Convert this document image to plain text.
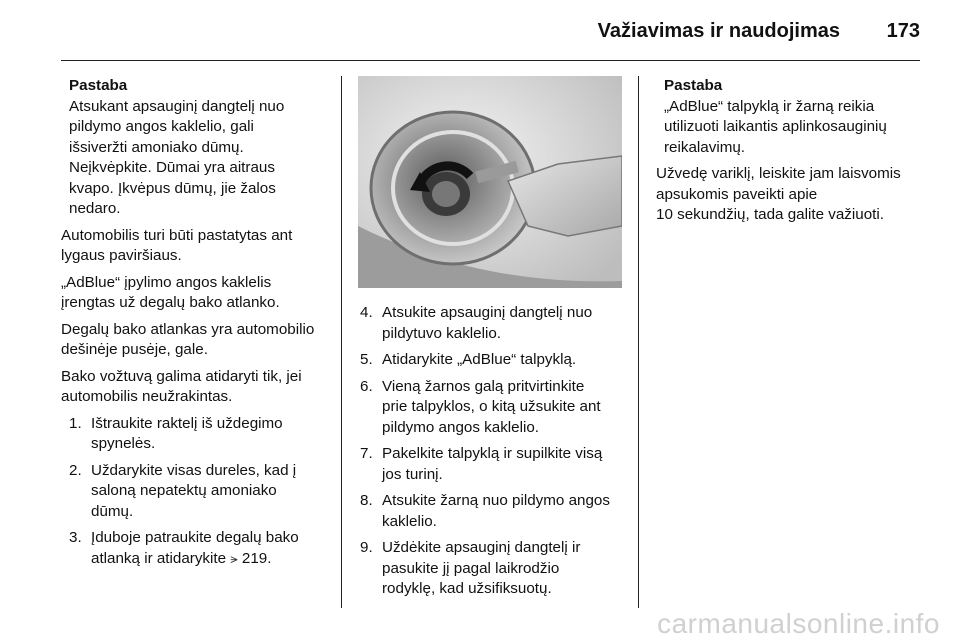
Važiavimas ir naudojimas	173
Pastaba
Atsukant apsauginį dangtelį nuo
pildymo angos kaklelio, gali
išsiveržti amoniako dūmų.
Neįkvėpkite. Dūmai yra aitraus
kvapo. Įkvėpus dūmų, jie žalos
nedaro.
Automobilis turi būti pastatytas ant
lygaus paviršiaus.
„AdBlue“ įpylimo angos kaklelis
įrengtas už degalų bako atlanko.
Degalų bako atlankas yra automobilio
dešinėje pusėje, gale.
Bako vožtuvą galima atidaryti tik, jei
automobilis neužrakintas.
1. Ištraukite raktelį iš uždegimo
spynelės.
2. Uždarykite visas dureles, kad į
saloną nepatektų amoniako
dūmų.
3. Įduboje patraukite degalų bako
atlanką ir atidarykite ⪫ 219.
4. Atsukite apsauginį dangtelį nuo
pildytuvo kaklelio.
5. Atidarykite „AdBlue“ talpyklą.
6. Vieną žarnos galą pritvirtinkite
prie talpyklos, o kitą užsukite ant
pildymo angos kaklelio.
7. Pakelkite talpyklą ir supilkite visą
jos turinį.
8. Atsukite žarną nuo pildymo angos
kaklelio.
9. Uždėkite apsauginį dangtelį ir
pasukite jį pagal laikrodžio
rodyklę, kad užsifiksuotų.
Pastaba
„AdBlue“ talpyklą ir žarną reikia
utilizuoti laikantis aplinkosauginių
reikalavimų.
Užvedę variklį, leiskite jam laisvomis
apsukomis paveikti apie
10 sekundžių, tada galite važiuoti.
carmanualsonline.info
